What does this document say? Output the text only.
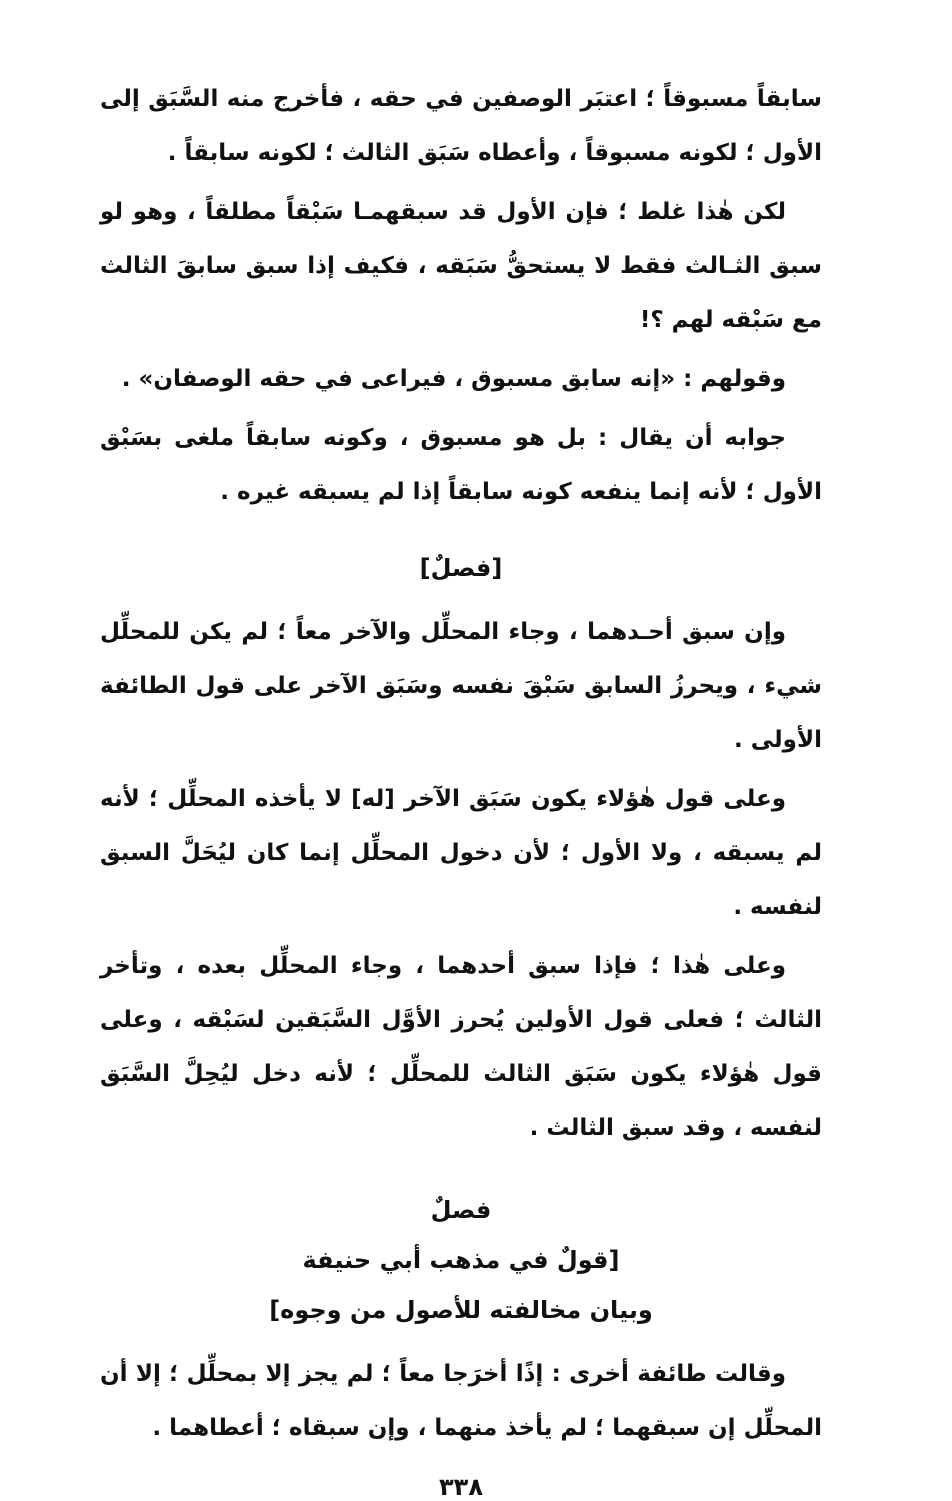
سابقاً مسبوقاً ؛ اعتبَر الوصفين في حقه ، فأخرج منه السَّبَق إلى الأول ؛ لكونه مسبوقاً ، وأعطاه سَبَق الثالث ؛ لكونه سابقاً .

لكن هٰذا غلط ؛ فإن الأول قد سبقهمـا سَبْقاً مطلقاً ، وهو لو سبق الثـالث فقط لا يستحقُّ سَبَقه ، فكيف إذا سبق سابقَ الثالث مع سَبْقه لهم ؟!

وقولهم : «إنه سابق مسبوق ، فيراعى في حقه الوصفان» .

جوابه أن يقال : بل هو مسبوق ، وكونه سابقاً ملغى بسَبْق الأول ؛ لأنه إنما ينفعه كونه سابقاً إذا لم يسبقه غيره .

[فصلٌ]

وإن سبق أحـدهما ، وجاء المحلِّل والآخر معاً ؛ لم يكن للمحلِّل شيء ، ويحرزُ السابق سَبْقَ نفسه وسَبَق الآخر على قول الطائفة الأولى .

وعلى قول هٰؤلاء يكون سَبَق الآخر [له] لا يأخذه المحلِّل ؛ لأنه لم يسبقه ، ولا الأول ؛ لأن دخول المحلِّل إنما كان ليُحَلَّ السبق لنفسه .

وعلى هٰذا ؛ فإذا سبق أحدهما ، وجاء المحلِّل بعده ، وتأخر الثالث ؛ فعلى قول الأولين يُحرز الأوَّل السَّبَقين لسَبْقه ، وعلى قول هٰؤلاء يكون سَبَق الثالث للمحلِّل ؛ لأنه دخل ليُحِلَّ السَّبَق لنفسه ، وقد سبق الثالث .

فصلٌ

[قولٌ في مذهب أبي حنيفة

وبيان مخالفته للأصول من وجوه]

وقالت طائفة أخرى : إذًا أخرَجا معاً ؛ لم يجز إلا بمحلِّل ؛ إلا أن المحلِّل إن سبقهما ؛ لم يأخذ منهما ، وإن سبقاه ؛ أعطاهما .

٣٣٨
